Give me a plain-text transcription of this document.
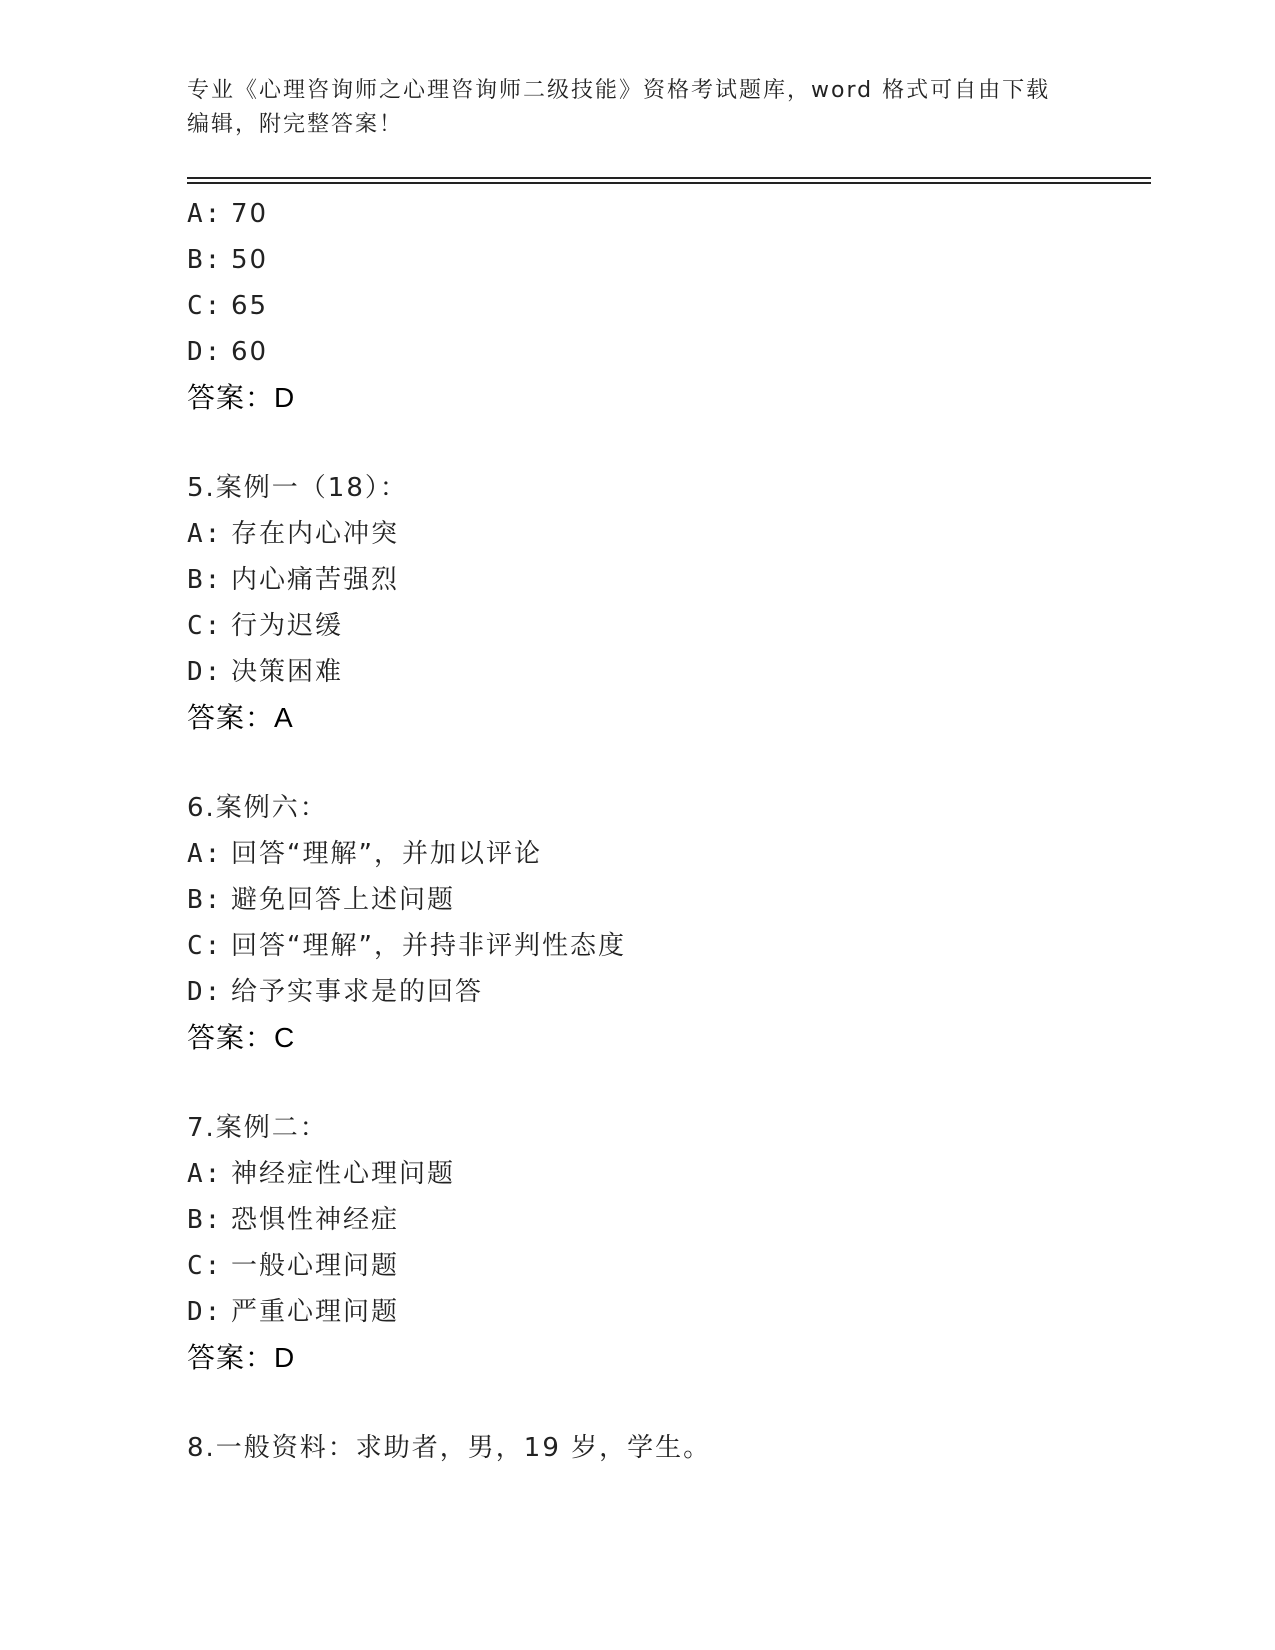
专业《心理咨询师之心理咨询师二级技能》资格考试题库，word 格式可自由下载
编辑，附完整答案！
A: 70
B: 50
C: 65
D: 60
答案：D
5.案例一（18）：
A: 存在内心冲突
B: 内心痛苦强烈
C: 行为迟缓
D: 决策困难
答案：A
6.案例六：
A: 回答“理解”，并加以评论
B: 避免回答上述问题
C: 回答“理解”，并持非评判性态度
D: 给予实事求是的回答
答案：C
7.案例二：
A: 神经症性心理问题
B: 恐惧性神经症
C: 一般心理问题
D: 严重心理问题
答案：D
8.一般资料：求助者，男，19 岁，学生。
